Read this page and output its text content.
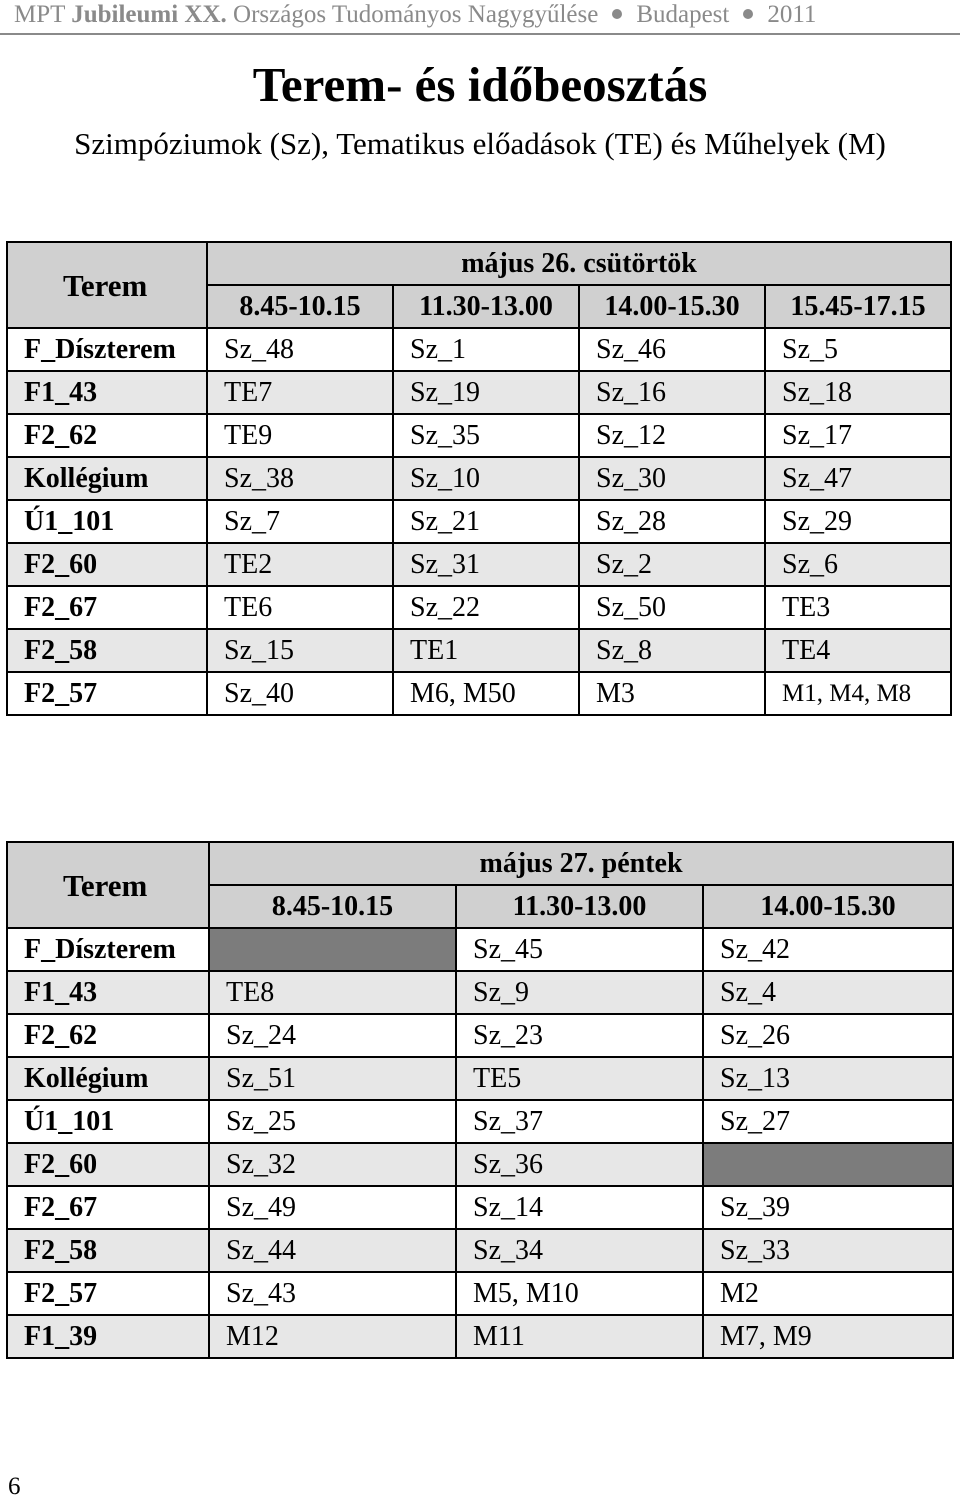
MPT Jubileumi XX. Országos Tudományos Nagygyűlése Budapest 2011
Terem- és időbeosztás
Szimpóziumok (Sz), Tematikus előadások (TE) és Műhelyek (M)
Terem	május 26. csütörtök			
	8.45-10.15	11.30-13.00	14.00-15.30	15.45-17.15
F_Díszterem	Sz_48	Sz_1	Sz_46	Sz_5
F1_43	TE7	Sz_19	Sz_16	Sz_18
F2_62	TE9	Sz_35	Sz_12	Sz_17
Kollégium	Sz_38	Sz_10	Sz_30	Sz_47
Ú1_101	Sz_7	Sz_21	Sz_28	Sz_29
F2_60	TE2	Sz_31	Sz_2	Sz_6
F2_67	TE6	Sz_22	Sz_50	TE3
F2_58	Sz_15	TE1	Sz_8	TE4
F2_57	Sz_40	M6, M50	M3	M1, M4, M8
Terem	május 27. péntek		
	8.45-10.15	11.30-13.00	14.00-15.30
F_Díszterem		Sz_45	Sz_42
F1_43	TE8	Sz_9	Sz_4
F2_62	Sz_24	Sz_23	Sz_26
Kollégium	Sz_51	TE5	Sz_13
Ú1_101	Sz_25	Sz_37	Sz_27
F2_60	Sz_32	Sz_36	
F2_67	Sz_49	Sz_14	Sz_39
F2_58	Sz_44	Sz_34	Sz_33
F2_57	Sz_43	M5, M10	M2
F1_39	M12	M11	M7, M9
6
